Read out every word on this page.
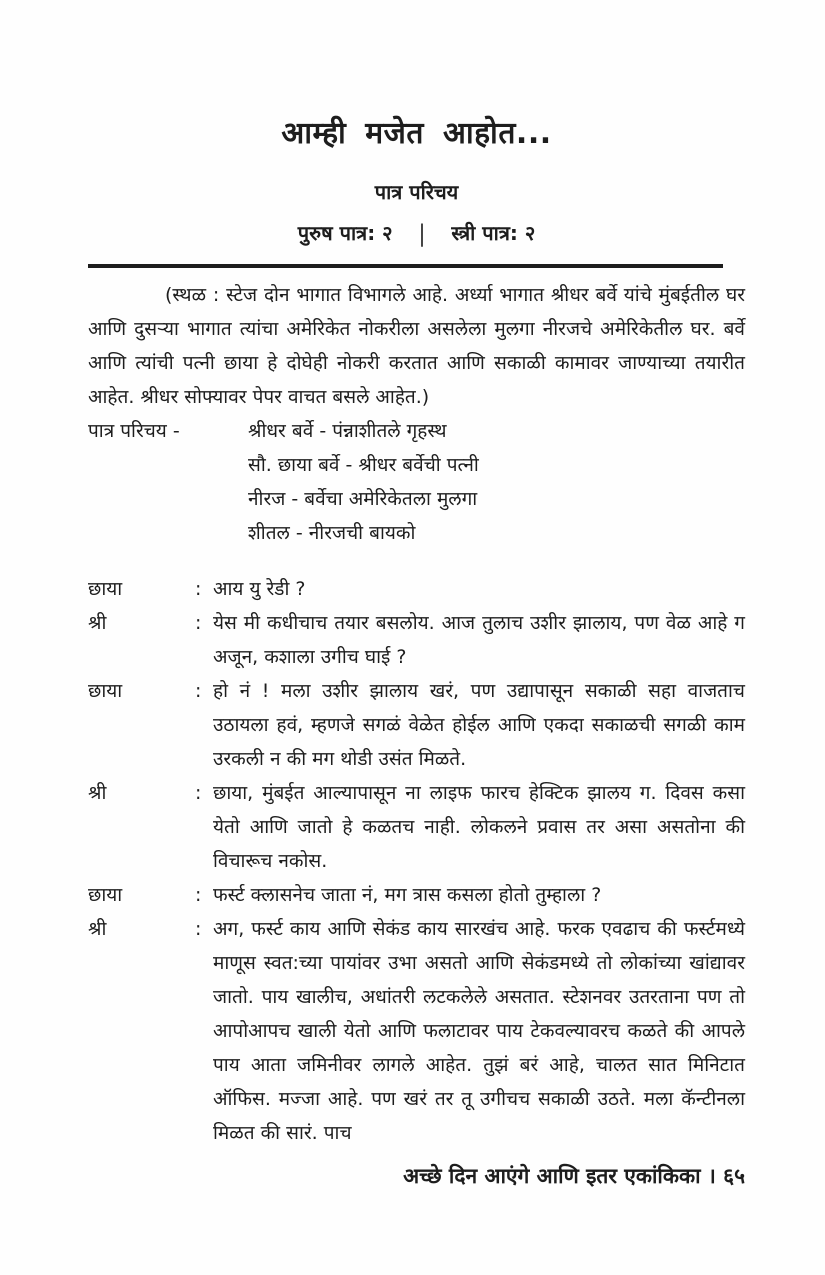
आम्ही मजेत आहोत...
पात्र परिचय
पुरुष पात्र: २ | स्त्री पात्र: २

(स्थळ : स्टेज दोन भागात विभागले आहे. अर्ध्या भागात श्रीधर बर्वे यांचे मुंबईतील घर आणि दुसऱ्या भागात त्यांचा अमेरिकेत नोकरीला असलेला मुलगा नीरजचे अमेरिकेतील घर. बर्वे आणि त्यांची पत्नी छाया हे दोघेही नोकरी करतात आणि सकाळी कामावर जाण्याच्या तयारीत आहेत. श्रीधर सोफ्यावर पेपर वाचत बसले आहेत.)

पात्र परिचय -	श्रीधर बर्वे - पंन्नाशीतले गृहस्थ
सौ. छाया बर्वे - श्रीधर बर्वेची पत्नी
नीरज - बर्वेचा अमेरिकेतला मुलगा
शीतल - नीरजची बायको
छाया	: आय यु रेडी ?
श्री	: येस मी कधीचाच तयार बसलोय. आज तुलाच उशीर झालाय, पण वेळ आहे ग अजून, कशाला उगीच घाई ?
छाया	: हो नं ! मला उशीर झालाय खरं, पण उद्यापासून सकाळी सहा वाजताच उठायला हवं, म्हणजे सगळं वेळेत होईल आणि एकदा सकाळची सगळी काम उरकली न की मग थोडी उसंत मिळते.
श्री	: छाया, मुंबईत आल्यापासून ना लाइफ फारच हेक्टिक झालय ग. दिवस कसा येतो आणि जातो हे कळतच नाही. लोकलने प्रवास तर असा असतोना की विचारूच नकोस.
छाया	: फर्स्ट क्लासनेच जाता नं, मग त्रास कसला होतो तुम्हाला ?
श्री	: अग, फर्स्ट काय आणि सेकंड काय सारखंच आहे. फरक एवढाच की फर्स्टमध्ये माणूस स्वत:च्या पायांवर उभा असतो आणि सेकंडमध्ये तो लोकांच्या खांद्यावर जातो. पाय खालीच, अधांतरी लटकलेले असतात. स्टेशनवर उतरताना पण तो आपोआपच खाली येतो आणि फलाटावर पाय टेकवल्यावरच कळते की आपले पाय आता जमिनीवर लागले आहेत. तुझं बरं आहे, चालत सात मिनिटात ऑफिस. मज्जा आहे. पण खरं तर तू उगीचच सकाळी उठते. मला कॅन्टीनला मिळत की सारं. पाच
अच्छे दिन आएंगे आणि इतर एकांकिका । ६५
